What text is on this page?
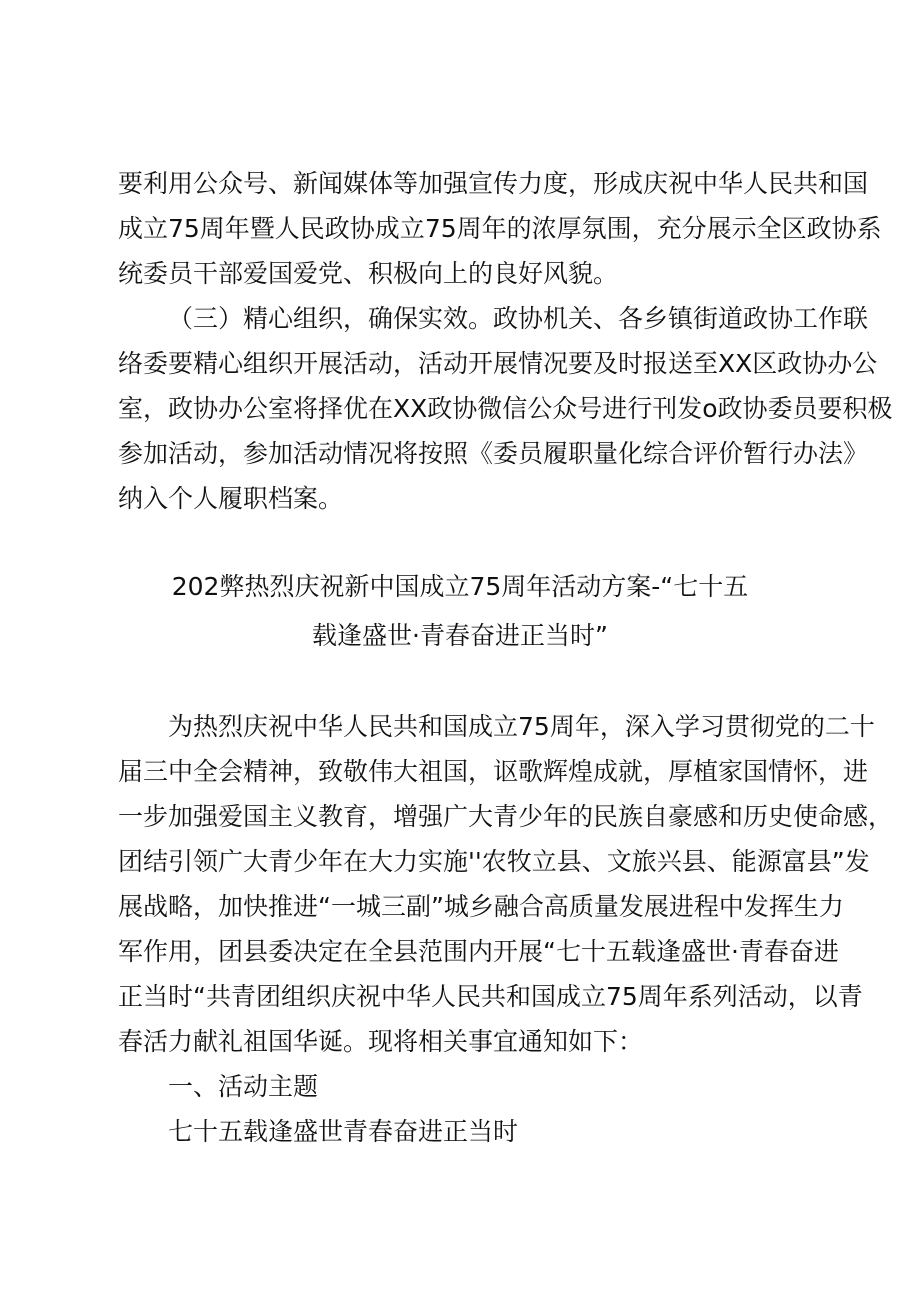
要利用公众号、新闻媒体等加强宣传力度，形成庆祝中华人民共和国
成立75周年暨人民政协成立75周年的浓厚氛围，充分展示全区政协系
统委员干部爱国爱党、积极向上的良好风貌。
（三）精心组织，确保实效。政协机关、各乡镇街道政协工作联
络委要精心组织开展活动，活动开展情况要及时报送至XX区政协办公
室，政协办公室将择优在XX政协微信公众号进行刊发o政协委员要积极
参加活动，参加活动情况将按照《委员履职量化综合评价暂行办法》
纳入个人履职档案。
202弊热烈庆祝新中国成立75周年活动方案-“七十五
载逢盛世·青春奋进正当时”
为热烈庆祝中华人民共和国成立75周年，深入学习贯彻党的二十
届三中全会精神，致敬伟大祖国，讴歌辉煌成就，厚植家国情怀，进
一步加强爱国主义教育，增强广大青少年的民族自豪感和历史使命感，
团结引领广大青少年在大力实施''农牧立县、文旅兴县、能源富县”发
展战略，加快推进“一城三副”城乡融合高质量发展进程中发挥生力
军作用，团县委决定在全县范围内开展“七十五载逢盛世·青春奋进
正当时“共青团组织庆祝中华人民共和国成立75周年系列活动，以青
春活力献礼祖国华诞。现将相关事宜通知如下：
一、活动主题
七十五载逢盛世青春奋进正当时
